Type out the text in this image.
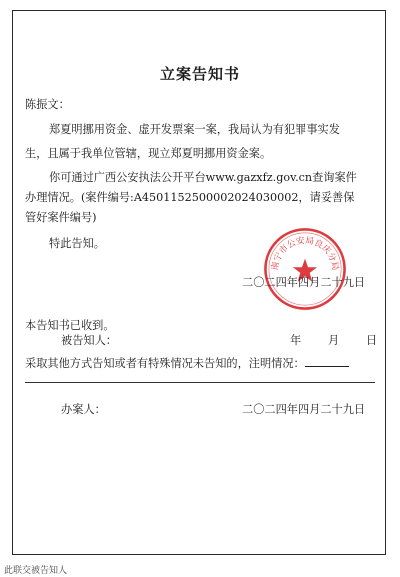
立案告知书
陈振文：
郑夏明挪用资金、虚开发票案一案，我局认为有犯罪事实发
生，且属于我单位管辖，现立郑夏明挪用资金案。
你可通过广西公安执法公开平台www.gazxfz.gov.cn查询案件
办理情况。(案件编号:A4501152500002024030002，请妥善保
管好案件编号)
特此告知。
南宁市公安局良庆分局
二〇二四年四月二十九日
本告知书已收到。
被告知人：	年 月 日
采取其他方式告知或者有特殊情况未告知的，注明情况：
办案人：	二〇二四年四月二十九日
此联交被告知人
